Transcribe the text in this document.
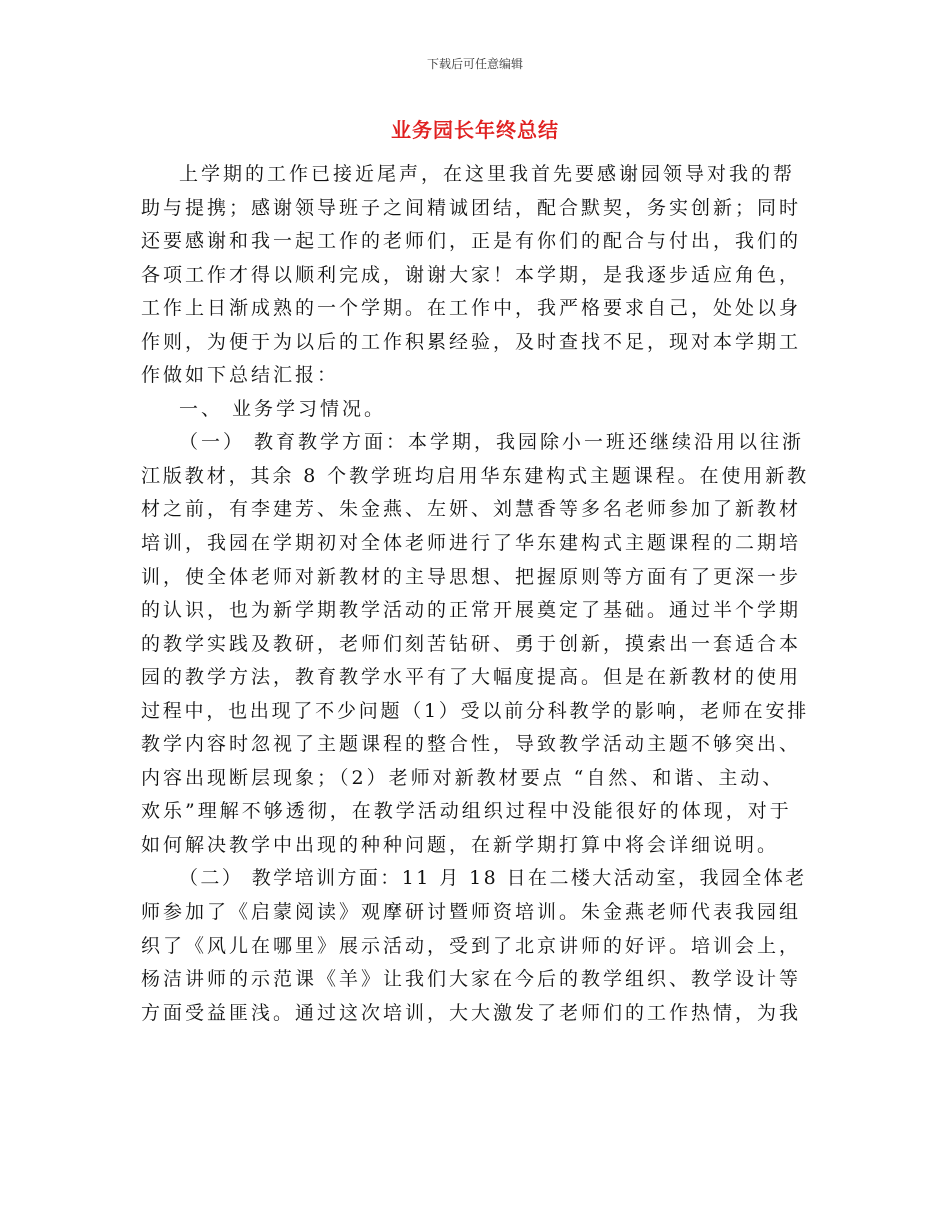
下载后可任意编辑
业务园长年终总结
上学期的工作已接近尾声，在这里我首先要感谢园领导对我的帮
助与提携；感谢领导班子之间精诚团结，配合默契，务实创新；同时
还要感谢和我一起工作的老师们，正是有你们的配合与付出，我们的
各项工作才得以顺利完成，谢谢大家！本学期，是我逐步适应角色，
工作上日渐成熟的一个学期。在工作中，我严格要求自己，处处以身
作则，为便于为以后的工作积累经验，及时查找不足，现对本学期工
作做如下总结汇报：
一、 业务学习情况。
（一） 教育教学方面：本学期，我园除小一班还继续沿用以往浙
江版教材，其余 8 个教学班均启用华东建构式主题课程。在使用新教
材之前，有李建芳、朱金燕、左妍、刘慧香等多名老师参加了新教材
培训，我园在学期初对全体老师进行了华东建构式主题课程的二期培
训，使全体老师对新教材的主导思想、把握原则等方面有了更深一步
的认识，也为新学期教学活动的正常开展奠定了基础。通过半个学期
的教学实践及教研，老师们刻苦钻研、勇于创新，摸索出一套适合本
园的教学方法，教育教学水平有了大幅度提高。但是在新教材的使用
过程中，也出现了不少问题（1）受以前分科教学的影响，老师在安排
教学内容时忽视了主题课程的整合性，导致教学活动主题不够突出、
内容出现断层现象；（2）老师对新教材要点 “自然、和谐、主动、
欢乐”理解不够透彻，在教学活动组织过程中没能很好的体现，对于
如何解决教学中出现的种种问题，在新学期打算中将会详细说明。
（二） 教学培训方面：11 月 18 日在二楼大活动室，我园全体老
师参加了《启蒙阅读》观摩研讨暨师资培训。朱金燕老师代表我园组
织了《风儿在哪里》展示活动，受到了北京讲师的好评。培训会上，
杨洁讲师的示范课《羊》让我们大家在今后的教学组织、教学设计等
方面受益匪浅。通过这次培训，大大激发了老师们的工作热情，为我
